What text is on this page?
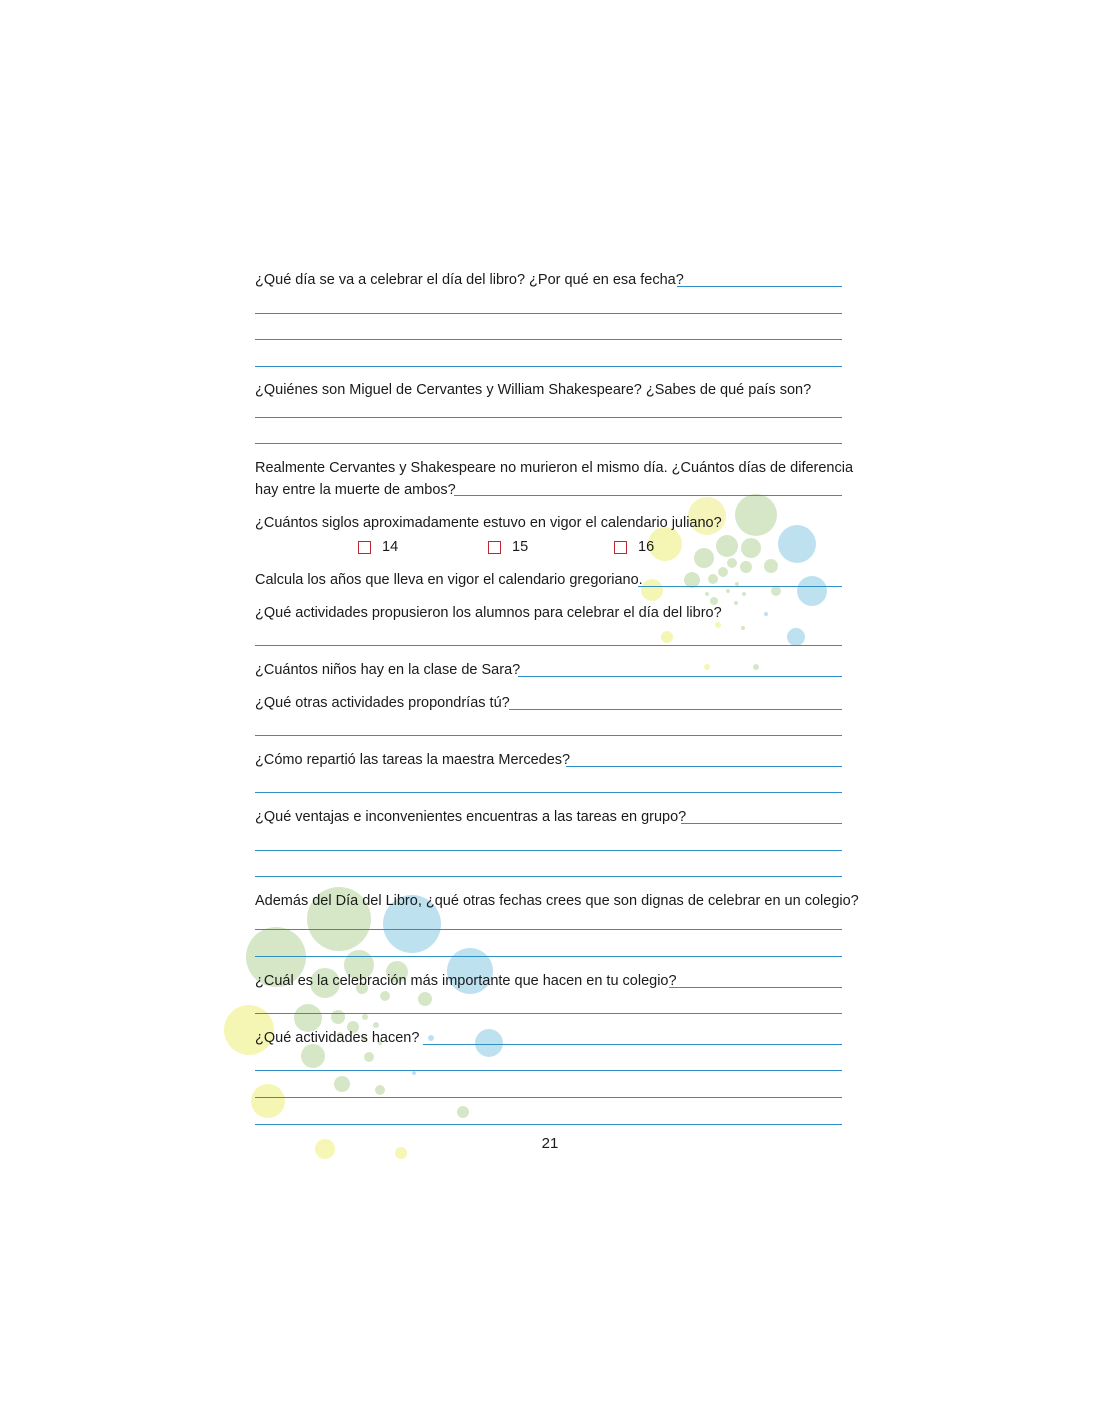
¿Qué día se va a celebrar el día del libro? ¿Por qué en esa fecha?
¿Quiénes son Miguel de Cervantes y William Shakespeare? ¿Sabes de qué país son?
Realmente Cervantes y Shakespeare no murieron el mismo día. ¿Cuántos días de diferencia
hay entre la muerte de ambos?
¿Cuántos siglos aproximadamente estuvo en vigor el calendario juliano?
14	15	16
Calcula los años que lleva en vigor el calendario gregoriano.
¿Qué actividades propusieron los alumnos para celebrar el día del libro?
¿Cuántos niños hay en la clase de Sara?
¿Qué otras actividades propondrías tú?
¿Cómo repartió las tareas la maestra Mercedes?
¿Qué ventajas e inconvenientes encuentras a las tareas en grupo?
Además del Día del Libro, ¿qué otras fechas crees que son dignas de celebrar en un colegio?
¿Cuál es la celebración más importante que hacen en tu colegio?
¿Qué actividades hacen?
21
